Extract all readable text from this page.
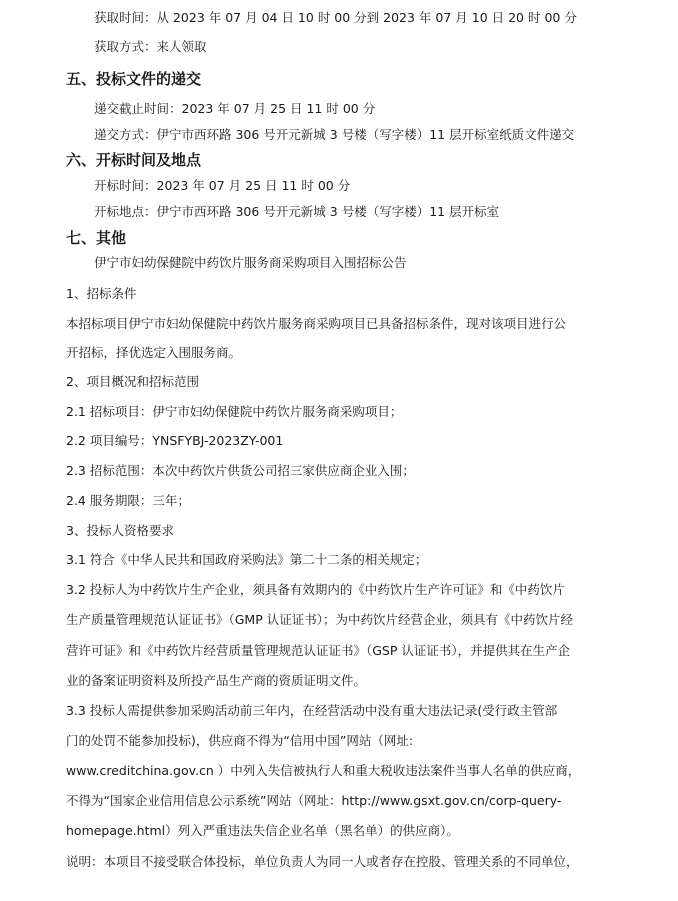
获取时间：从 2023 年 07 月 04 日 10 时 00 分到 2023 年 07 月 10 日 20 时 00 分
获取方式：来人领取
五、投标文件的递交
递交截止时间：2023 年 07 月 25 日 11 时 00 分
递交方式：伊宁市西环路 306 号开元新城 3 号楼（写字楼）11 层开标室纸质文件递交
六、开标时间及地点
开标时间：2023 年 07 月 25 日 11 时 00 分
开标地点：伊宁市西环路 306 号开元新城 3 号楼（写字楼）11 层开标室
七、其他
伊宁市妇幼保健院中药饮片服务商采购项目入围招标公告
1、招标条件
本招标项目伊宁市妇幼保健院中药饮片服务商采购项目已具备招标条件，现对该项目进行公
开招标，择优选定入围服务商。
2、项目概况和招标范围
2.1 招标项目：伊宁市妇幼保健院中药饮片服务商采购项目；
2.2 项目编号：YNSFYBJ-2023ZY-001
2.3 招标范围：本次中药饮片供货公司招三家供应商企业入围；
2.4 服务期限：三年；
3、投标人资格要求
3.1 符合《中华人民共和国政府采购法》第二十二条的相关规定；
3.2 投标人为中药饮片生产企业，须具备有效期内的《中药饮片生产许可证》和《中药饮片
生产质量管理规范认证证书》（GMP 认证证书）；为中药饮片经营企业，须具有《中药饮片经
营许可证》和《中药饮片经营质量管理规范认证证书》（GSP 认证证书），并提供其在生产企
业的备案证明资料及所投产品生产商的资质证明文件。
3.3 投标人需提供参加采购活动前三年内，在经营活动中没有重大违法记录(受行政主管部
门的处罚不能参加投标)，供应商不得为“信用中国”网站（网址:
www.creditchina.gov.cn ）中列入失信被执行人和重大税收违法案件当事人名单的供应商，
不得为“国家企业信用信息公示系统”网站（网址：http://www.gsxt.gov.cn/corp-query-
homepage.html）列入严重违法失信企业名单（黑名单）的供应商）。
说明：本项目不接受联合体投标，单位负责人为同一人或者存在控股、管理关系的不同单位，
